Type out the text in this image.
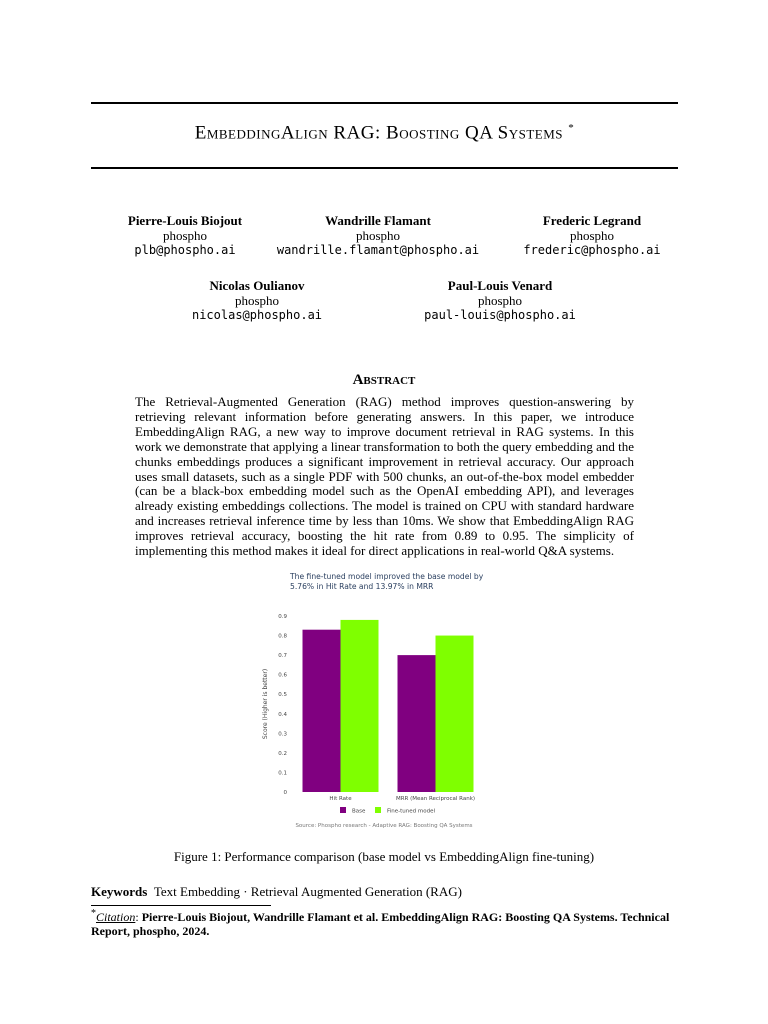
EmbeddingAlign RAG: Boosting QA Systems *
Pierre-Louis Biojout
phospho
plb@phospho.ai
Wandrille Flamant
phospho
wandrille.flamant@phospho.ai
Frederic Legrand
phospho
frederic@phospho.ai
Nicolas Oulianov
phospho
nicolas@phospho.ai
Paul-Louis Venard
phospho
paul-louis@phospho.ai
Abstract
The Retrieval-Augmented Generation (RAG) method improves question-answering by retrieving relevant information before generating answers. In this paper, we introduce EmbeddingAlign RAG, a new way to improve document retrieval in RAG systems. In this work we demonstrate that applying a linear transformation to both the query embedding and the chunks embeddings produces a significant improvement in retrieval accuracy. Our approach uses small datasets, such as a single PDF with 500 chunks, an out-of-the-box model embedder (can be a black-box embedding model such as the OpenAI embedding API), and leverages already existing embeddings collections. The model is trained on CPU with standard hardware and increases retrieval inference time by less than 10ms. We show that EmbeddingAlign RAG improves retrieval accuracy, boosting the hit rate from 0.89 to 0.95. The simplicity of implementing this method makes it ideal for direct applications in real-world Q&A systems.
The fine-tuned model improved the base model by
5.76% in Hit Rate and 13.97% in MRR
0
0.1
0.2
0.3
0.4
0.5
0.6
0.7
0.8
0.9
Score (Higher is better)
Hit Rate	MRR (Mean Reciprocal Rank)
Base	Fine-tuned model
Source: Phospho research - Adaptive RAG: Boosting QA Systems
Figure 1: Performance comparison (base model vs EmbeddingAlign fine-tuning)
Keywords Text Embedding · Retrieval Augmented Generation (RAG)
*Citation: Pierre-Louis Biojout, Wandrille Flamant et al. EmbeddingAlign RAG: Boosting QA Systems. Technical Report, phospho, 2024.
